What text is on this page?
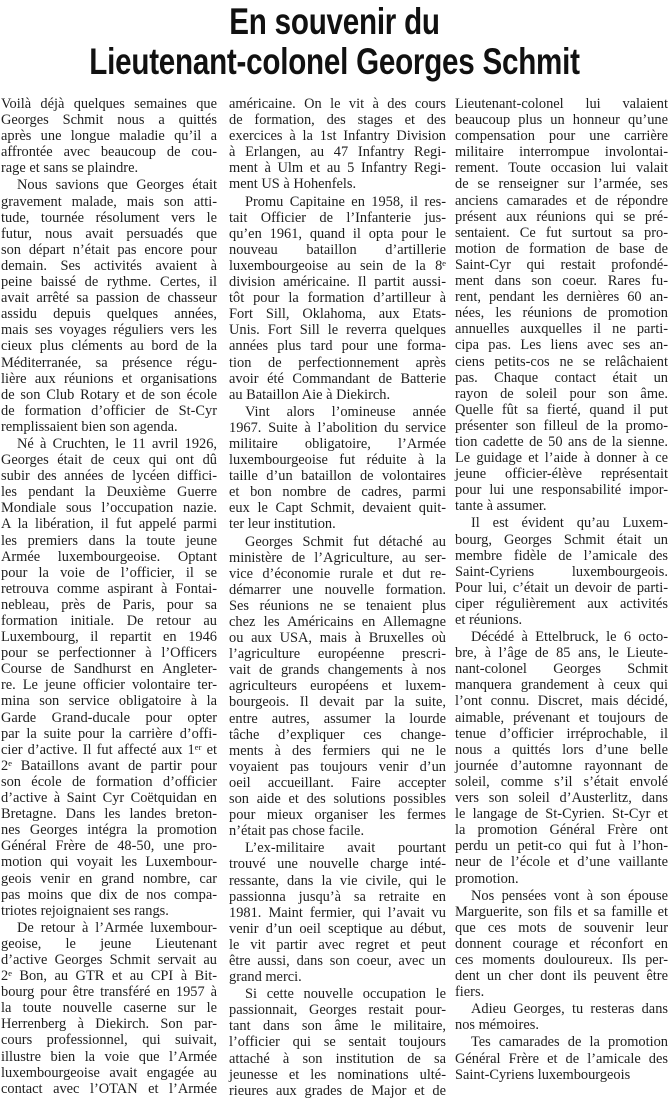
En souvenir du
Lieutenant-colonel Georges Schmit
Voilà déjà quelques semaines que
Georges Schmit nous a quittés
après une longue maladie qu’il a
affrontée avec beaucoup de cou-
rage et sans se plaindre.
Nous savions que Georges était
gravement malade, mais son atti-
tude, tournée résolument vers le
futur, nous avait persuadés que
son départ n’était pas encore pour
demain. Ses activités avaient à
peine baissé de rythme. Certes, il
avait arrêté sa passion de chasseur
assidu depuis quelques années,
mais ses voyages réguliers vers les
cieux plus cléments au bord de la
Méditerranée, sa présence régu-
lière aux réunions et organisations
de son Club Rotary et de son école
de formation d’officier de St-Cyr
remplissaient bien son agenda.
Né à Cruchten, le 11 avril 1926,
Georges était de ceux qui ont dû
subir des années de lycéen diffici-
les pendant la Deuxième Guerre
Mondiale sous l’occupation nazie.
A la libération, il fut appelé parmi
les premiers dans la toute jeune
Armée luxembourgeoise. Optant
pour la voie de l’officier, il se
retrouva comme aspirant à Fontai-
nebleau, près de Paris, pour sa
formation initiale. De retour au
Luxembourg, il repartit en 1946
pour se perfectionner à l’Officers
Course de Sandhurst en Angleter-
re. Le jeune officier volontaire ter-
mina son service obligatoire à la
Garde Grand-ducale pour opter
par la suite pour la carrière d’offi-
cier d’active. Il fut affecté aux 1ᵉʳ et
2ᵉ Bataillons avant de partir pour
son école de formation d’officier
d’active à Saint Cyr Coëtquidan en
Bretagne. Dans les landes breton-
nes Georges intégra la promotion
Général Frère de 48-50, une pro-
motion qui voyait les Luxembour-
geois venir en grand nombre, car
pas moins que dix de nos compa-
triotes rejoignaient ses rangs.
De retour à l’Armée luxembour-
geoise, le jeune Lieutenant
d’active Georges Schmit servait au
2ᵉ Bon, au GTR et au CPI à Bit-
bourg pour être transféré en 1957 à
la toute nouvelle caserne sur le
Herrenberg à Diekirch. Son par-
cours professionnel, qui suivait,
illustre bien la voie que l’Armée
luxembourgeoise avait engagée au
contact avec l’OTAN et l’Armée
américaine. On le vit à des cours
de formation, des stages et des
exercices à la 1st Infantry Division
à Erlangen, au 47 Infantry Regi-
ment à Ulm et au 5 Infantry Regi-
ment US à Hohenfels.
Promu Capitaine en 1958, il res-
tait Officier de l’Infanterie jus-
qu’en 1961, quand il opta pour le
nouveau bataillon d’artillerie
luxembourgeoise au sein de la 8ᵉ
division américaine. Il partit aussi-
tôt pour la formation d’artilleur à
Fort Sill, Oklahoma, aux Etats-
Unis. Fort Sill le reverra quelques
années plus tard pour une forma-
tion de perfectionnement après
avoir été Commandant de Batterie
au Bataillon Aie à Diekirch.
Vint alors l’omineuse année
1967. Suite à l’abolition du service
militaire obligatoire, l’Armée
luxembourgeoise fut réduite à la
taille d’un bataillon de volontaires
et bon nombre de cadres, parmi
eux le Capt Schmit, devaient quit-
ter leur institution.
Georges Schmit fut détaché au
ministère de l’Agriculture, au ser-
vice d’économie rurale et dut re-
démarrer une nouvelle formation.
Ses réunions ne se tenaient plus
chez les Américains en Allemagne
ou aux USA, mais à Bruxelles où
l’agriculture européenne prescri-
vait de grands changements à nos
agriculteurs européens et luxem-
bourgeois. Il devait par la suite,
entre autres, assumer la lourde
tâche d’expliquer ces change-
ments à des fermiers qui ne le
voyaient pas toujours venir d’un
oeil accueillant. Faire accepter
son aide et des solutions possibles
pour mieux organiser les fermes
n’était pas chose facile.
L’ex-militaire avait pourtant
trouvé une nouvelle charge inté-
ressante, dans la vie civile, qui le
passionna jusqu’à sa retraite en
1981. Maint fermier, qui l’avait vu
venir d’un oeil sceptique au début,
le vit partir avec regret et peut
être aussi, dans son coeur, avec un
grand merci.
Si cette nouvelle occupation le
passionnait, Georges restait pour-
tant dans son âme le militaire,
l’officier qui se sentait toujours
attaché à son institution de sa
jeunesse et les nominations ulté-
rieures aux grades de Major et de
Lieutenant-colonel lui valaient
beaucoup plus un honneur qu’une
compensation pour une carrière
militaire interrompue involontai-
rement. Toute occasion lui valait
de se renseigner sur l’armée, ses
anciens camarades et de répondre
présent aux réunions qui se pré-
sentaient. Ce fut surtout sa pro-
motion de formation de base de
Saint-Cyr qui restait profondé-
ment dans son coeur. Rares fu-
rent, pendant les dernières 60 an-
nées, les réunions de promotion
annuelles auxquelles il ne parti-
cipa pas. Les liens avec ses an-
ciens petits-cos ne se relâchaient
pas. Chaque contact était un
rayon de soleil pour son âme.
Quelle fût sa fierté, quand il put
présenter son filleul de la promo-
tion cadette de 50 ans de la sienne.
Le guidage et l’aide à donner à ce
jeune officier-élève représentait
pour lui une responsabilité impor-
tante à assumer.
Il est évident qu’au Luxem-
bourg, Georges Schmit était un
membre fidèle de l’amicale des
Saint-Cyriens luxembourgeois.
Pour lui, c’était un devoir de parti-
ciper régulièrement aux activités
et réunions.
Décédé à Ettelbruck, le 6 octo-
bre, à l’âge de 85 ans, le Lieute-
nant-colonel Georges Schmit
manquera grandement à ceux qui
l’ont connu. Discret, mais décidé,
aimable, prévenant et toujours de
tenue d’officier irréprochable, il
nous a quittés lors d’une belle
journée d’automne rayonnant de
soleil, comme s’il s’était envolé
vers son soleil d’Austerlitz, dans
le langage de St-Cyrien. St-Cyr et
la promotion Général Frère ont
perdu un petit-co qui fut à l’hon-
neur de l’école et d’une vaillante
promotion.
Nos pensées vont à son épouse
Marguerite, son fils et sa famille et
que ces mots de souvenir leur
donnent courage et réconfort en
ces moments douloureux. Ils per-
dent un cher dont ils peuvent être
fiers.
Adieu Georges, tu resteras dans
nos mémoires.
Tes camarades de la promotion
Général Frère et de l’amicale des
Saint-Cyriens luxembourgeois
